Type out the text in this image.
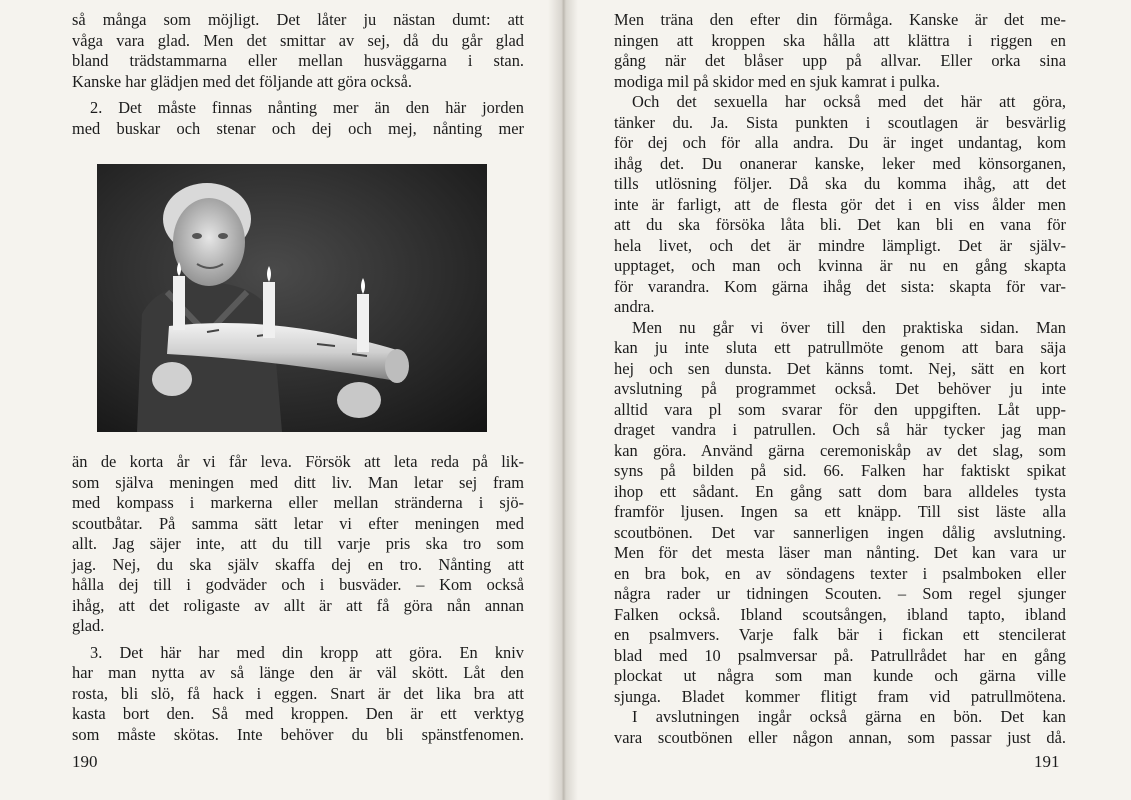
så många som möjligt. Det låter ju nästan dumt: att
våga vara glad. Men det smittar av sej, då du går glad
bland trädstammarna eller mellan husväggarna i stan.
Kanske har glädjen med det följande att göra också.
2. Det måste finnas nånting mer än den här jorden
med buskar och stenar och dej och mej, nånting mer
än de korta år vi får leva. Försök att leta reda på lik-
som själva meningen med ditt liv. Man letar sej fram
med kompass i markerna eller mellan stränderna i sjö-
scoutbåtar. På samma sätt letar vi efter meningen med
allt. Jag säjer inte, att du till varje pris ska tro som
jag. Nej, du ska själv skaffa dej en tro. Nånting att
hålla dej till i godväder och i busväder. – Kom också
ihåg, att det roligaste av allt är att få göra nån annan
glad.
3. Det här har med din kropp att göra. En kniv
har man nytta av så länge den är väl skött. Låt den
rosta, bli slö, få hack i eggen. Snart är det lika bra att
kasta bort den. Så med kroppen. Den är ett verktyg
som måste skötas. Inte behöver du bli spänstfenomen.
190
Men träna den efter din förmåga. Kanske är det me-
ningen att kroppen ska hålla att klättra i riggen en
gång när det blåser upp på allvar. Eller orka sina
modiga mil på skidor med en sjuk kamrat i pulka.
Och det sexuella har också med det här att göra,
tänker du. Ja. Sista punkten i scoutlagen är besvärlig
för dej och för alla andra. Du är inget undantag, kom
ihåg det. Du onanerar kanske, leker med könsorganen,
tills utlösning följer. Då ska du komma ihåg, att det
inte är farligt, att de flesta gör det i en viss ålder men
att du ska försöka låta bli. Det kan bli en vana för
hela livet, och det är mindre lämpligt. Det är själv-
upptaget, och man och kvinna är nu en gång skapta
för varandra. Kom gärna ihåg det sista: skapta för var-
andra.
Men nu går vi över till den praktiska sidan. Man
kan ju inte sluta ett patrullmöte genom att bara säja
hej och sen dunsta. Det känns tomt. Nej, sätt en kort
avslutning på programmet också. Det behöver ju inte
alltid vara pl som svarar för den uppgiften. Låt upp-
draget vandra i patrullen. Och så här tycker jag man
kan göra. Använd gärna ceremoniskåp av det slag, som
syns på bilden på sid. 66. Falken har faktiskt spikat
ihop ett sådant. En gång satt dom bara alldeles tysta
framför ljusen. Ingen sa ett knäpp. Till sist läste alla
scoutbönen. Det var sannerligen ingen dålig avslutning.
Men för det mesta läser man nånting. Det kan vara ur
en bra bok, en av söndagens texter i psalmboken eller
några rader ur tidningen Scouten. – Som regel sjunger
Falken också. Ibland scoutsången, ibland tapto, ibland
en psalmvers. Varje falk bär i fickan ett stencilerat
blad med 10 psalmversar på. Patrullrådet har en gång
plockat ut några som man kunde och gärna ville
sjunga. Bladet kommer flitigt fram vid patrullmötena.
I avslutningen ingår också gärna en bön. Det kan
vara scoutbönen eller någon annan, som passar just då.
191
